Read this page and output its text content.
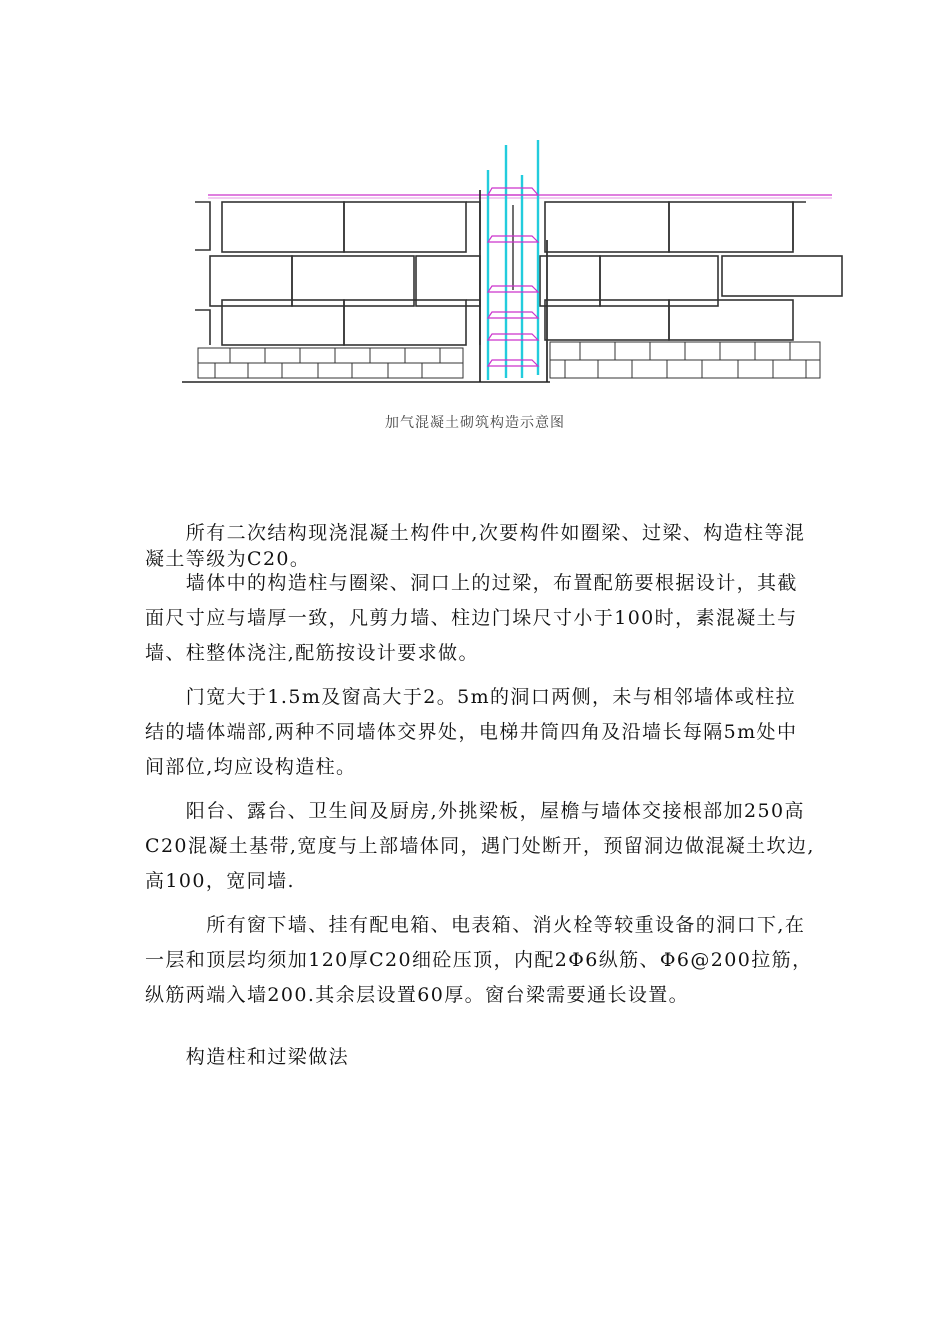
加气混凝土砌筑构造示意图

　　所有二次结构现浇混凝土构件中,次要构件如圈梁、过梁、构造柱等混凝土等级为C20。

　　墙体中的构造柱与圈梁、洞口上的过梁，布置配筋要根据设计，其截面尺寸应与墙厚一致，凡剪力墙、柱边门垛尺寸小于100时，素混凝土与墙、柱整体浇注,配筋按设计要求做。

　　门宽大于1.5m及窗高大于2。5m的洞口两侧，未与相邻墙体或柱拉结的墙体端部,两种不同墙体交界处，电梯井筒四角及沿墙长每隔5m处中间部位,均应设构造柱。

　　阳台、露台、卫生间及厨房,外挑梁板，屋檐与墙体交接根部加250高C20混凝土基带,宽度与上部墙体同，遇门处断开，预留洞边做混凝土坎边,高100，宽同墙.

　　　所有窗下墙、挂有配电箱、电表箱、消火栓等较重设备的洞口下,在一层和顶层均须加120厚C20细砼压顶，内配2Φ6纵筋、Φ6@200拉筋，纵筋两端入墙200.其余层设置60厚。窗台梁需要通长设置。

　　构造柱和过梁做法
